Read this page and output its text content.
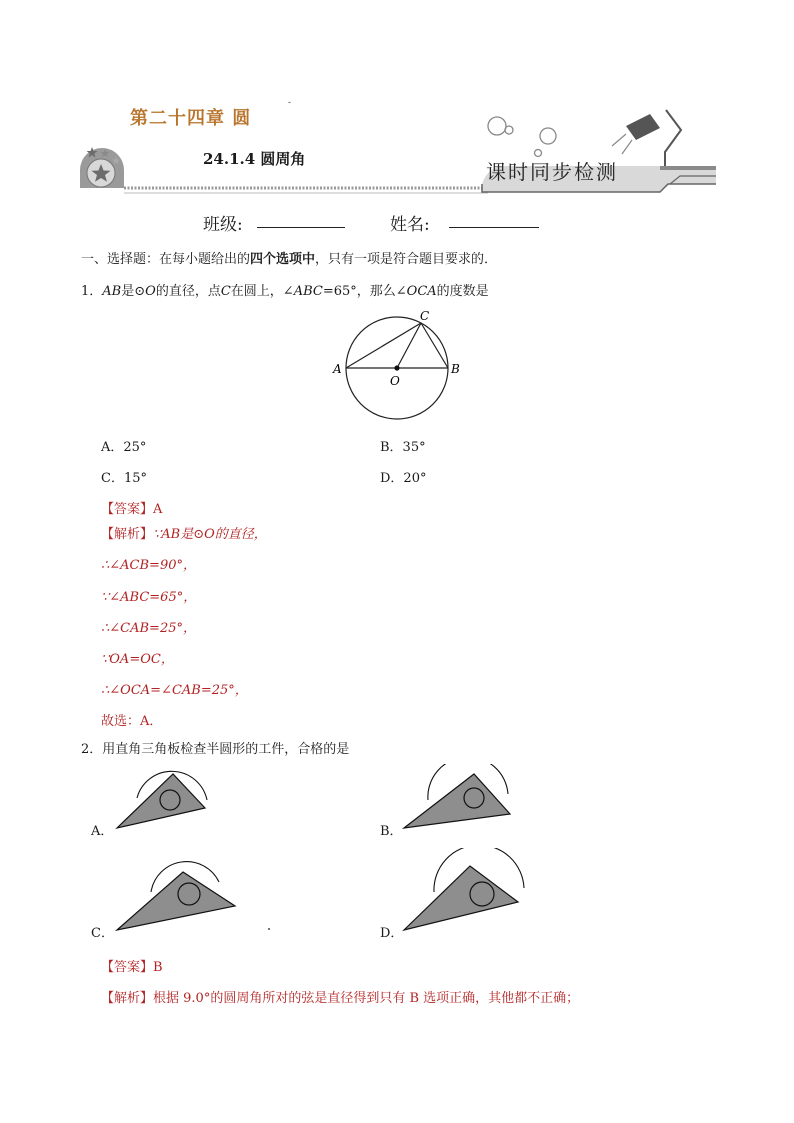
第二十四章 圆
-
24.1.4 圆周角
课时同步检测
班级:	姓名:
一、选择题：在每小题给出的四个选项中，只有一项是符合题目要求的．
1．AB是⊙O的直径，点C在圆上，∠ABC=65°，那么∠OCA的度数是
A	B
C
O
A．25°	B．35°
C．15°	D．20°
【答案】A
【解析】∵AB是⊙O的直径，
∴∠ACB=90°，
∵∠ABC=65°，
∴∠CAB=25°，
∵OA=OC，
∴∠OCA=∠CAB=25°，
故选：A．
2．用直角三角板检查半圆形的工件，合格的是
A．	B．
C．	D．
【答案】B
【解析】根据 9.0°的圆周角所对的弦是直径得到只有 B 选项正确，其他都不正确；
